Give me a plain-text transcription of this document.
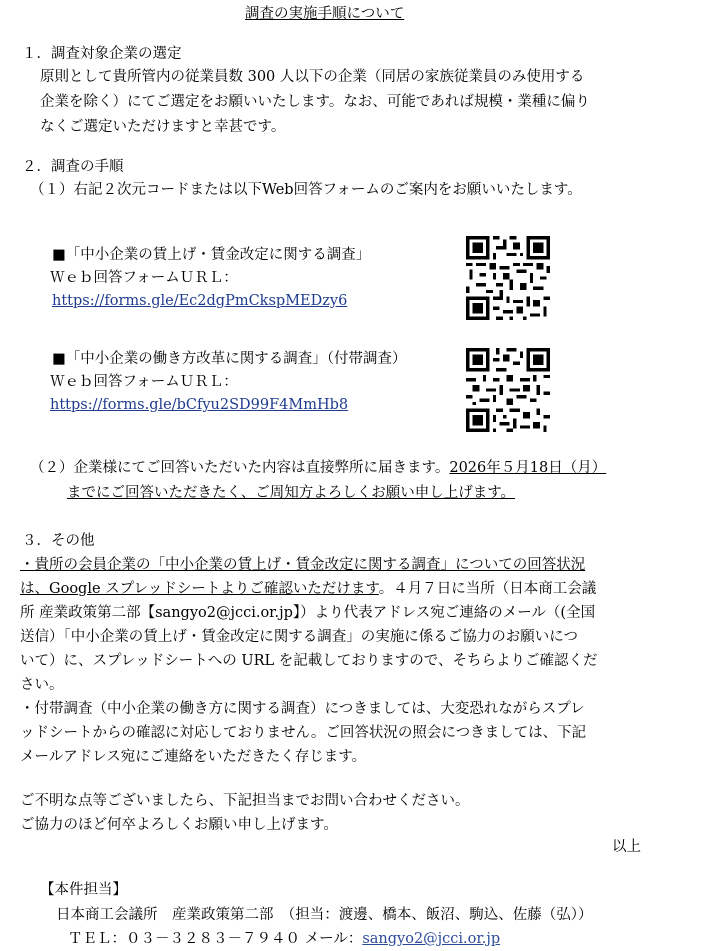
調査の実施手順について
１．調査対象企業の選定
原則として貴所管内の従業員数 300 人以下の企業（同居の家族従業員のみ使用する
企業を除く）にてご選定をお願いいたします。なお、可能であれば規模・業種に偏り
なくご選定いただけますと幸甚です。
２．調査の手順
（１）右記２次元コードまたは以下Web回答フォームのご案内をお願いいたします。
■「中小企業の賃上げ・賃金改定に関する調査」
Ｗｅｂ回答フォームＵＲＬ：
https://forms.gle/Ec2dgPmCkspMEDzy6
■「中小企業の働き方改革に関する調査」（付帯調査）
Ｗｅｂ回答フォームＵＲＬ：
https://forms.gle/bCfyu2SD99F4MmHb8
（２）企業様にてご回答いただいた内容は直接弊所に届きます。2026年５月18日（月）
までにご回答いただきたく、ご周知方よろしくお願い申し上げます。
３．その他
・貴所の会員企業の「中小企業の賃上げ・賃金改定に関する調査」についての回答状況
は、Google スプレッドシートよりご確認いただけます。４月７日に当所（日本商工会議
所 産業政策第二部【sangyo2@jcci.or.jp】）より代表アドレス宛ご連絡のメール（(全国
送信）「中小企業の賃上げ・賃金改定に関する調査」の実施に係るご協力のお願いにつ
いて）に、スプレッドシートへの URL を記載しておりますので、そちらよりご確認くだ
さい。
・付帯調査（中小企業の働き方に関する調査）につきましては、大変恐れながらスプレ
ッドシートからの確認に対応しておりません。ご回答状況の照会につきましては、下記
メールアドレス宛にご連絡をいただきたく存じます。
ご不明な点等ございましたら、下記担当までお問い合わせください。
ご協力のほど何卒よろしくお願い申し上げます。
以上
【本件担当】
日本商工会議所　産業政策第二部　（担当：渡邊、橋本、飯沼、駒込、佐藤（弘））
ＴＥＬ：０３－３２８３－７９４０ メール：sangyo2@jcci.or.jp
